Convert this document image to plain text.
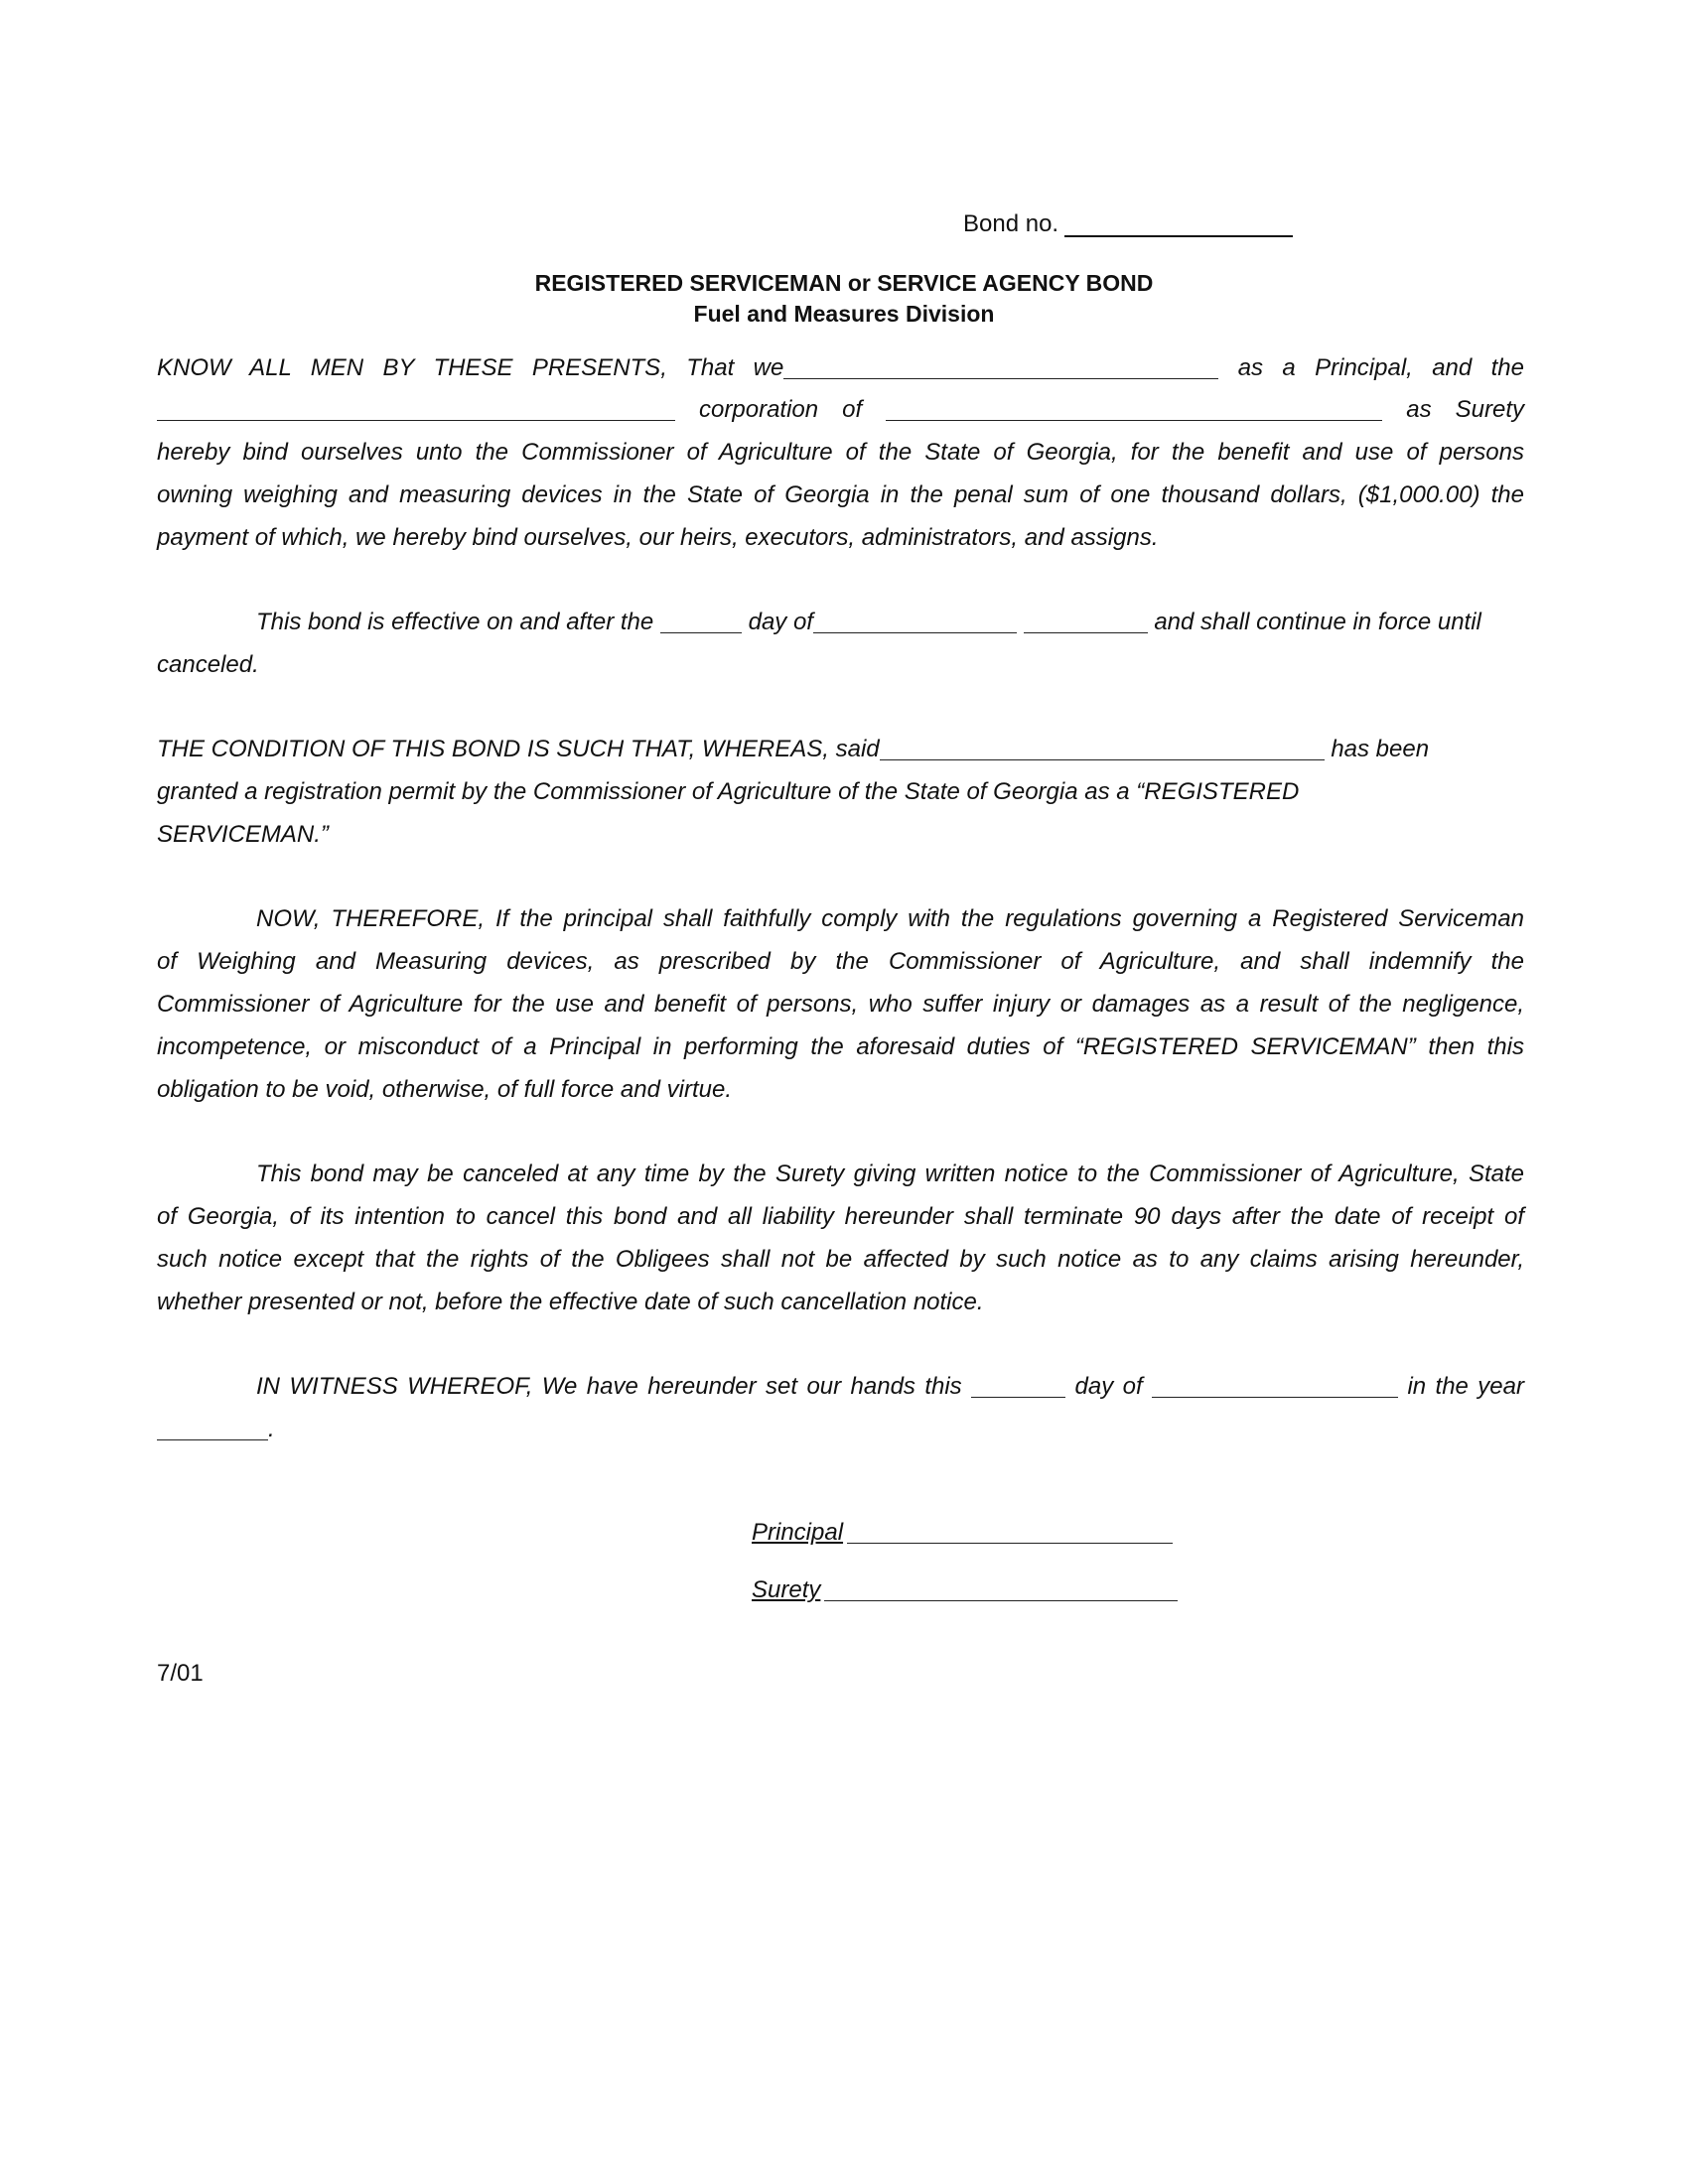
Bond no.
REGISTERED SERVICEMAN or SERVICE AGENCY BOND
Fuel and Measures Division
KNOW ALL MEN BY THESE PRESENTS, That we	as a Principal, and the
corporation of	as Surety
hereby bind ourselves unto the Commissioner of Agriculture of the State of Georgia, for the benefit and use of persons
owning weighing and measuring devices in the State of Georgia in the penal sum of one thousand dollars, ($1,000.00) the
payment of which, we hereby bind ourselves, our heirs, executors, administrators, and assigns.
This bond is effective on and after the	day of	and shall continue in force until
canceled.
THE CONDITION OF THIS BOND IS SUCH THAT, WHEREAS, said	has been
granted a registration permit by the Commissioner of Agriculture of the State of Georgia as a “REGISTERED
SERVICEMAN.”
NOW, THEREFORE, If the principal shall faithfully comply with the regulations governing a Registered Serviceman
of Weighing and Measuring devices, as prescribed by the Commissioner of Agriculture, and shall indemnify the
Commissioner of Agriculture for the use and benefit of persons, who suffer injury or damages as a result of the negligence,
incompetence, or misconduct of a Principal in performing the aforesaid duties of “REGISTERED SERVICEMAN” then this
obligation to be void, otherwise, of full force and virtue.
This bond may be canceled at any time by the Surety giving written notice to the Commissioner of Agriculture, State
of Georgia, of its intention to cancel this bond and all liability hereunder shall terminate 90 days after the date of receipt of
such notice except that the rights of the Obligees shall not be affected by such notice as to any claims arising hereunder,
whether presented or not, before the effective date of such cancellation notice.
IN WITNESS WHEREOF, We have hereunder set our hands this	day of	in the year
.
Principal
Surety
7/01
